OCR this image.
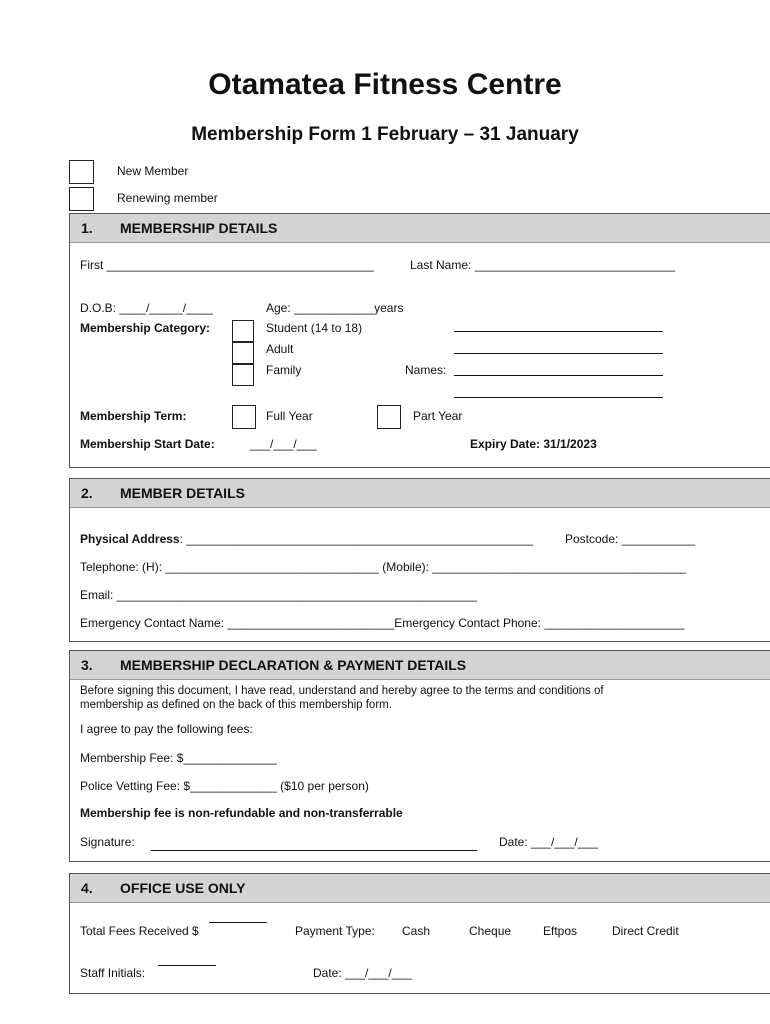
Otamatea Fitness Centre
Membership Form 1 February – 31 January
New Member
Renewing member
1. MEMBERSHIP DETAILS
First ________________________________________	Last Name: ______________________________
D.O.B: ____/_____/____	Age: ____________years
Membership Category:	Student (14 to 18)
Adult
Family	Names:
Membership Term:	Full Year	Part Year
Membership Start Date:	___/___/___	Expiry Date: 31/1/2023
2. MEMBER DETAILS
Physical Address: ____________________________________________________	Postcode: ___________
Telephone: (H): ________________________________ (Mobile): ______________________________________
Email: ______________________________________________________
Emergency Contact Name: _________________________Emergency Contact Phone: _____________________
3. MEMBERSHIP DECLARATION & PAYMENT DETAILS
Before signing this document, I have read, understand and hereby agree to the terms and conditions of
membership as defined on the back of this membership form.
I agree to pay the following fees:
Membership Fee: $______________
Police Vetting Fee: $_____________ ($10 per person)
Membership fee is non-refundable and non-transferrable
Signature:	Date: ___/___/___
4. OFFICE USE ONLY
Total Fees Received $	Payment Type: Cash	Cheque	Eftpos	Direct Credit
Staff Initials:	Date: ___/___/___
